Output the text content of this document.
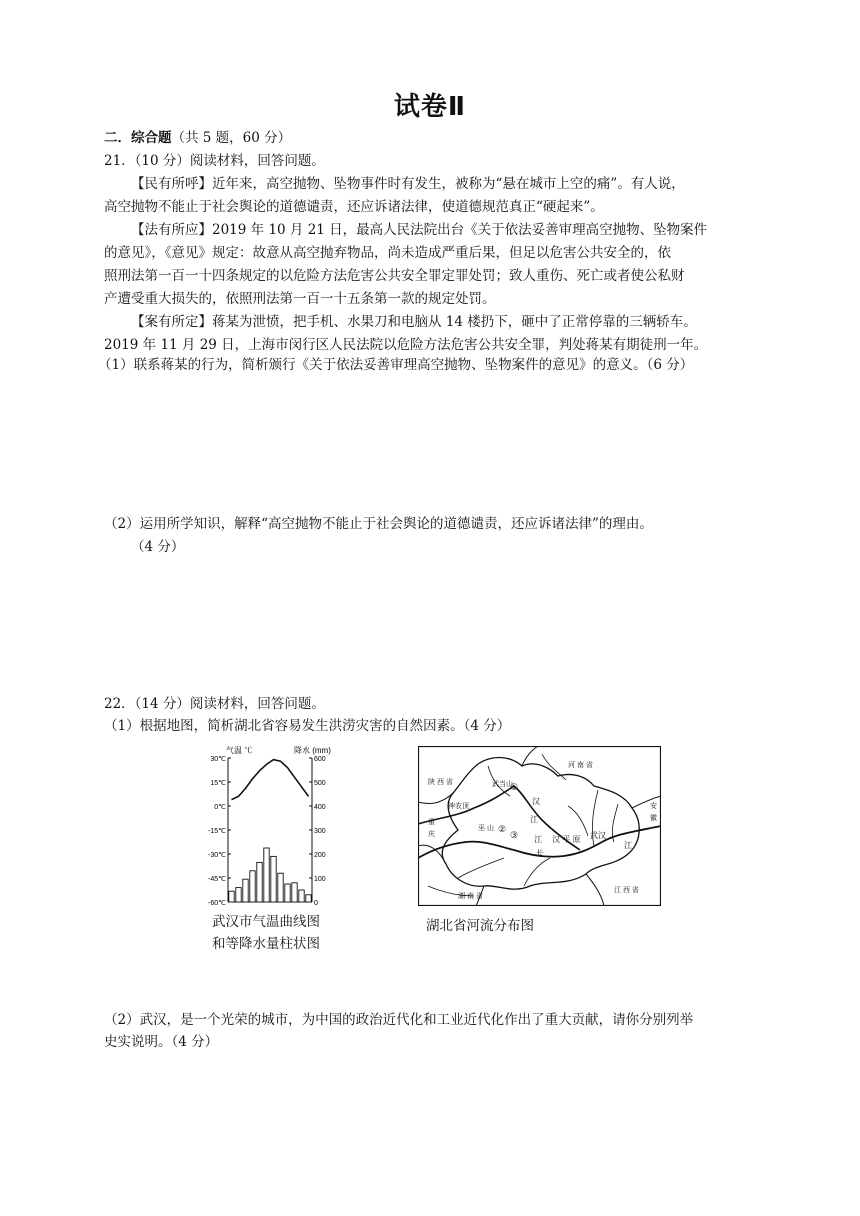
试卷Ⅱ
二．综合题（共 5 题，60 分）
21．（10 分）阅读材料，回答问题。
【民有所呼】近年来，高空抛物、坠物事件时有发生，被称为“悬在城市上空的痛”。有人说，
高空抛物不能止于社会舆论的道德谴责，还应诉诸法律，使道德规范真正“硬起来”。
【法有所应】2019 年 10 月 21 日，最高人民法院出台《关于依法妥善审理高空抛物、坠物案件
的意见》，《意见》规定：故意从高空抛弃物品，尚未造成严重后果，但足以危害公共安全的，依
照刑法第一百一十四条规定的以危险方法危害公共安全罪定罪处罚；致人重伤、死亡或者使公私财
产遭受重大损失的，依照刑法第一百一十五条第一款的规定处罚。
【案有所定】蒋某为泄愤，把手机、水果刀和电脑从 14 楼扔下，砸中了正常停靠的三辆轿车。
2019 年 11 月 29 日，上海市闵行区人民法院以危险方法危害公共安全罪，判处蒋某有期徒刑一年。
（1）联系蒋某的行为，简析颁行《关于依法妥善审理高空抛物、坠物案件的意见》的意义。（6 分）
（2）运用所学知识，解释“高空抛物不能止于社会舆论的道德谴责，还应诉诸法律”的理由。
（4 分）
22．（14 分）阅读材料，回答问题。
（1）根据地图，简析湖北省容易发生洪涝灾害的自然因素。（4 分）
气温 ℃	降水 (mm)
30℃
15℃
0℃
-15℃
-30℃
-45℃
-60℃
600
500
400
300
200
100
0
武汉市气温曲线图
和等降水量柱状图
河 南 省
陕 西 省	武当山
神农顶
巫 山
汉
江
江 汉 平 原 武汉
江
长
重
庆
安
徽
湖 南 省
江 西 省
①
②
③
湖北省河流分布图
（2）武汉，是一个光荣的城市，为中国的政治近代化和工业近代化作出了重大贡献，请你分别列举
史实说明。（4 分）
